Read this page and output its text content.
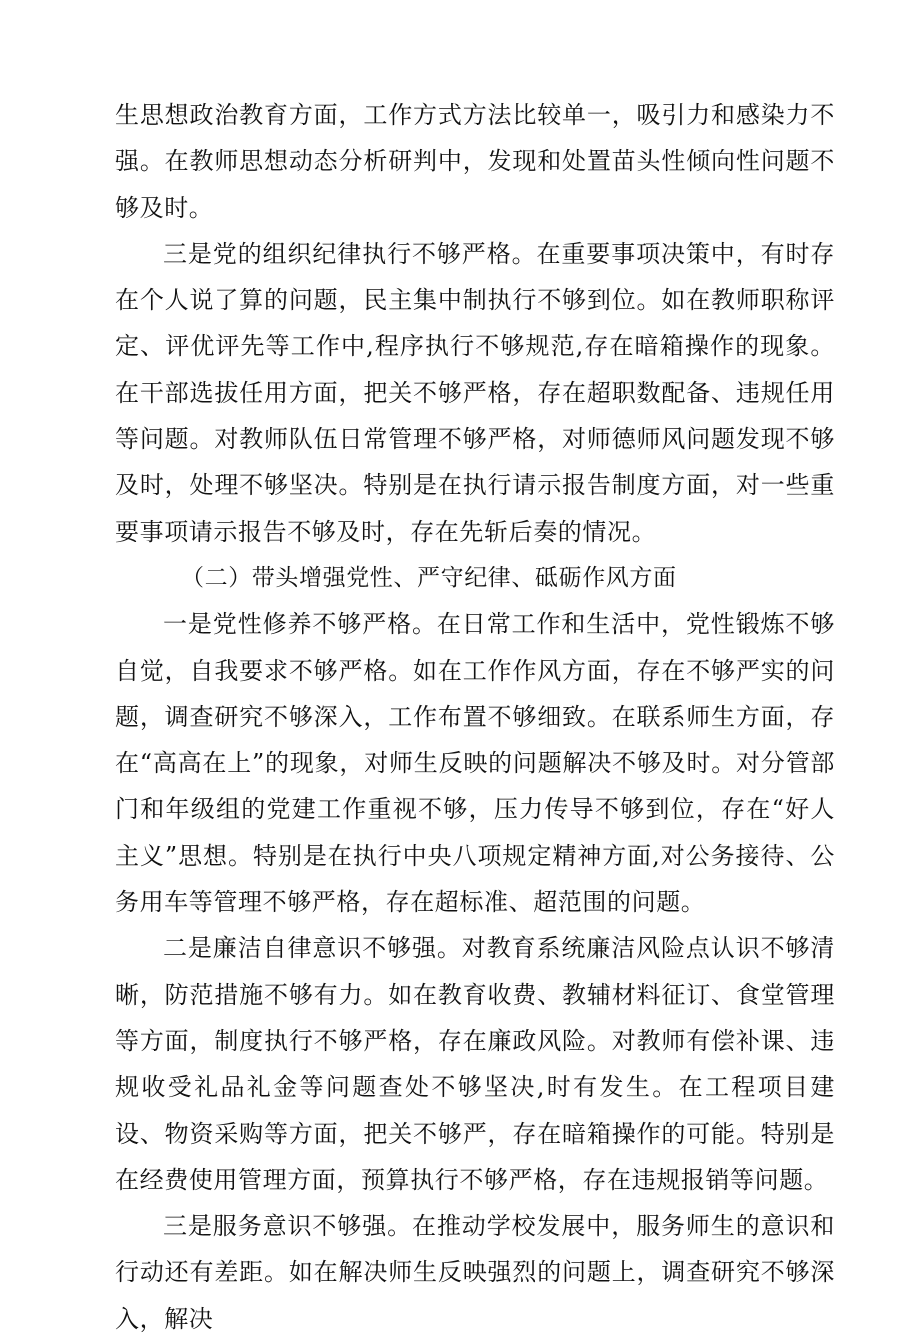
生思想政治教育方面，工作方式方法比较单一，吸引力和感染力不强。在教师思想动态分析研判中，发现和处置苗头性倾向性问题不够及时。

三是党的组织纪律执行不够严格。在重要事项决策中，有时存在个人说了算的问题，民主集中制执行不够到位。如在教师职称评定、评优评先等工作中,程序执行不够规范,存在暗箱操作的现象。在干部选拔任用方面，把关不够严格，存在超职数配备、违规任用等问题。对教师队伍日常管理不够严格，对师德师风问题发现不够及时，处理不够坚决。特别是在执行请示报告制度方面，对一些重要事项请示报告不够及时，存在先斩后奏的情况。

（二）带头增强党性、严守纪律、砥砺作风方面

一是党性修养不够严格。在日常工作和生活中，党性锻炼不够自觉，自我要求不够严格。如在工作作风方面，存在不够严实的问题，调查研究不够深入，工作布置不够细致。在联系师生方面，存在“高高在上”的现象，对师生反映的问题解决不够及时。对分管部门和年级组的党建工作重视不够，压力传导不够到位，存在“好人主义”思想。特别是在执行中央八项规定精神方面,对公务接待、公务用车等管理不够严格，存在超标准、超范围的问题。

二是廉洁自律意识不够强。对教育系统廉洁风险点认识不够清晰，防范措施不够有力。如在教育收费、教辅材料征订、食堂管理等方面，制度执行不够严格，存在廉政风险。对教师有偿补课、违规收受礼品礼金等问题查处不够坚决,时有发生。在工程项目建设、物资采购等方面，把关不够严，存在暗箱操作的可能。特别是在经费使用管理方面，预算执行不够严格，存在违规报销等问题。

三是服务意识不够强。在推动学校发展中，服务师生的意识和行动还有差距。如在解决师生反映强烈的问题上，调查研究不够深入，解决
